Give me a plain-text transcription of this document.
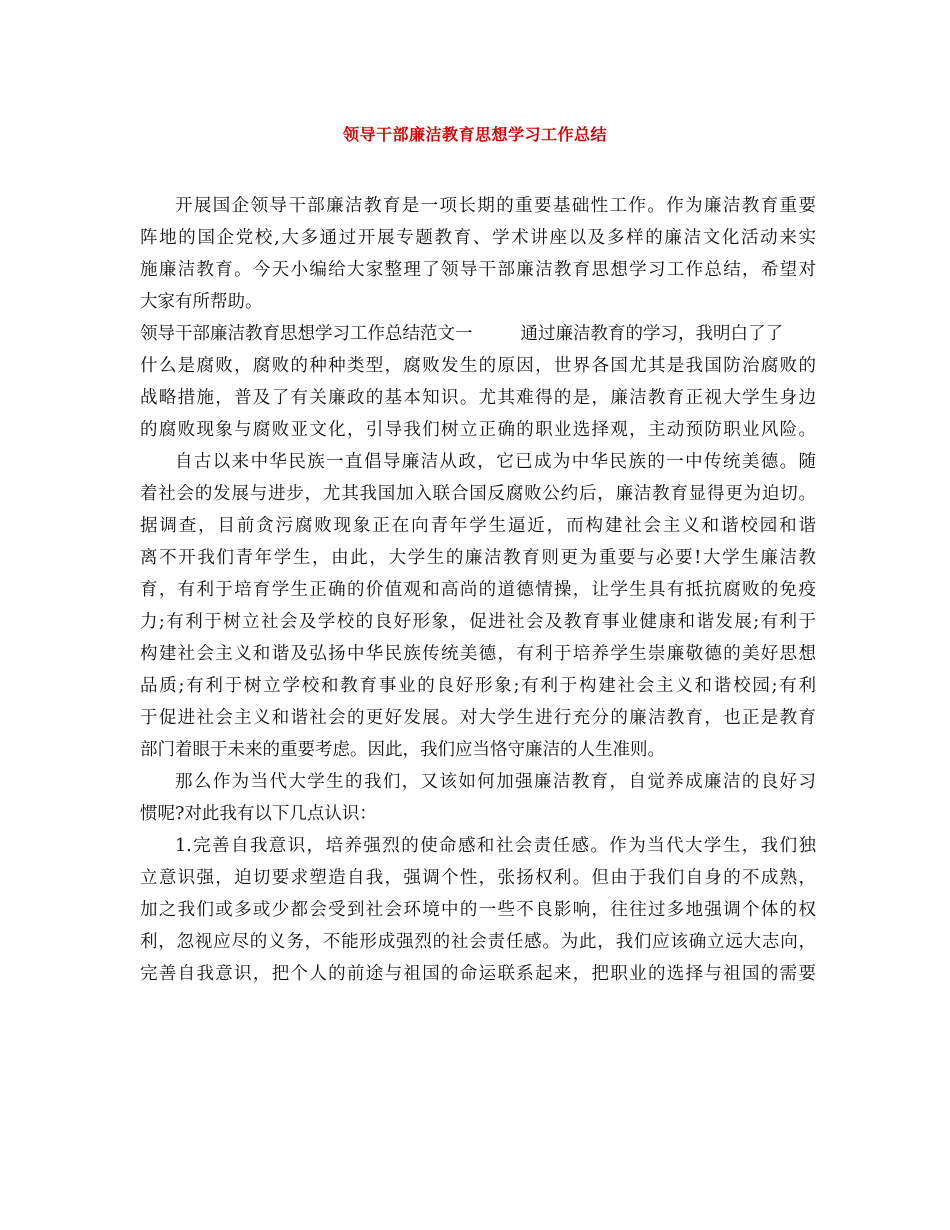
领导干部廉洁教育思想学习工作总结
开展国企领导干部廉洁教育是一项长期的重要基础性工作。作为廉洁教育重要
阵地的国企党校,大多通过开展专题教育、学术讲座以及多样的廉洁文化活动来实
施廉洁教育。今天小编给大家整理了领导干部廉洁教育思想学习工作总结，希望对
大家有所帮助。
领导干部廉洁教育思想学习工作总结范文一	通过廉洁教育的学习，我明白了了
什么是腐败，腐败的种种类型，腐败发生的原因，世界各国尤其是我国防治腐败的
战略措施，普及了有关廉政的基本知识。尤其难得的是，廉洁教育正视大学生身边
的腐败现象与腐败亚文化，引导我们树立正确的职业选择观，主动预防职业风险。
自古以来中华民族一直倡导廉洁从政，它已成为中华民族的一中传统美德。随
着社会的发展与进步，尤其我国加入联合国反腐败公约后，廉洁教育显得更为迫切。
据调查，目前贪污腐败现象正在向青年学生逼近，而构建社会主义和谐校园和谐
离不开我们青年学生，由此，大学生的廉洁教育则更为重要与必要!大学生廉洁教
育，有利于培育学生正确的价值观和高尚的道德情操，让学生具有抵抗腐败的免疫
力;有利于树立社会及学校的良好形象，促进社会及教育事业健康和谐发展;有利于
构建社会主义和谐及弘扬中华民族传统美德，有利于培养学生崇廉敬德的美好思想
品质;有利于树立学校和教育事业的良好形象;有利于构建社会主义和谐校园;有利
于促进社会主义和谐社会的更好发展。对大学生进行充分的廉洁教育，也正是教育
部门着眼于未来的重要考虑。因此，我们应当恪守廉洁的人生准则。
那么作为当代大学生的我们，又该如何加强廉洁教育，自觉养成廉洁的良好习
惯呢?对此我有以下几点认识：
1.完善自我意识，培养强烈的使命感和社会责任感。作为当代大学生，我们独
立意识强，迫切要求塑造自我，强调个性，张扬权利。但由于我们自身的不成熟，
加之我们或多或少都会受到社会环境中的一些不良影响，往往过多地强调个体的权
利，忽视应尽的义务，不能形成强烈的社会责任感。为此，我们应该确立远大志向，
完善自我意识，把个人的前途与祖国的命运联系起来，把职业的选择与祖国的需要
